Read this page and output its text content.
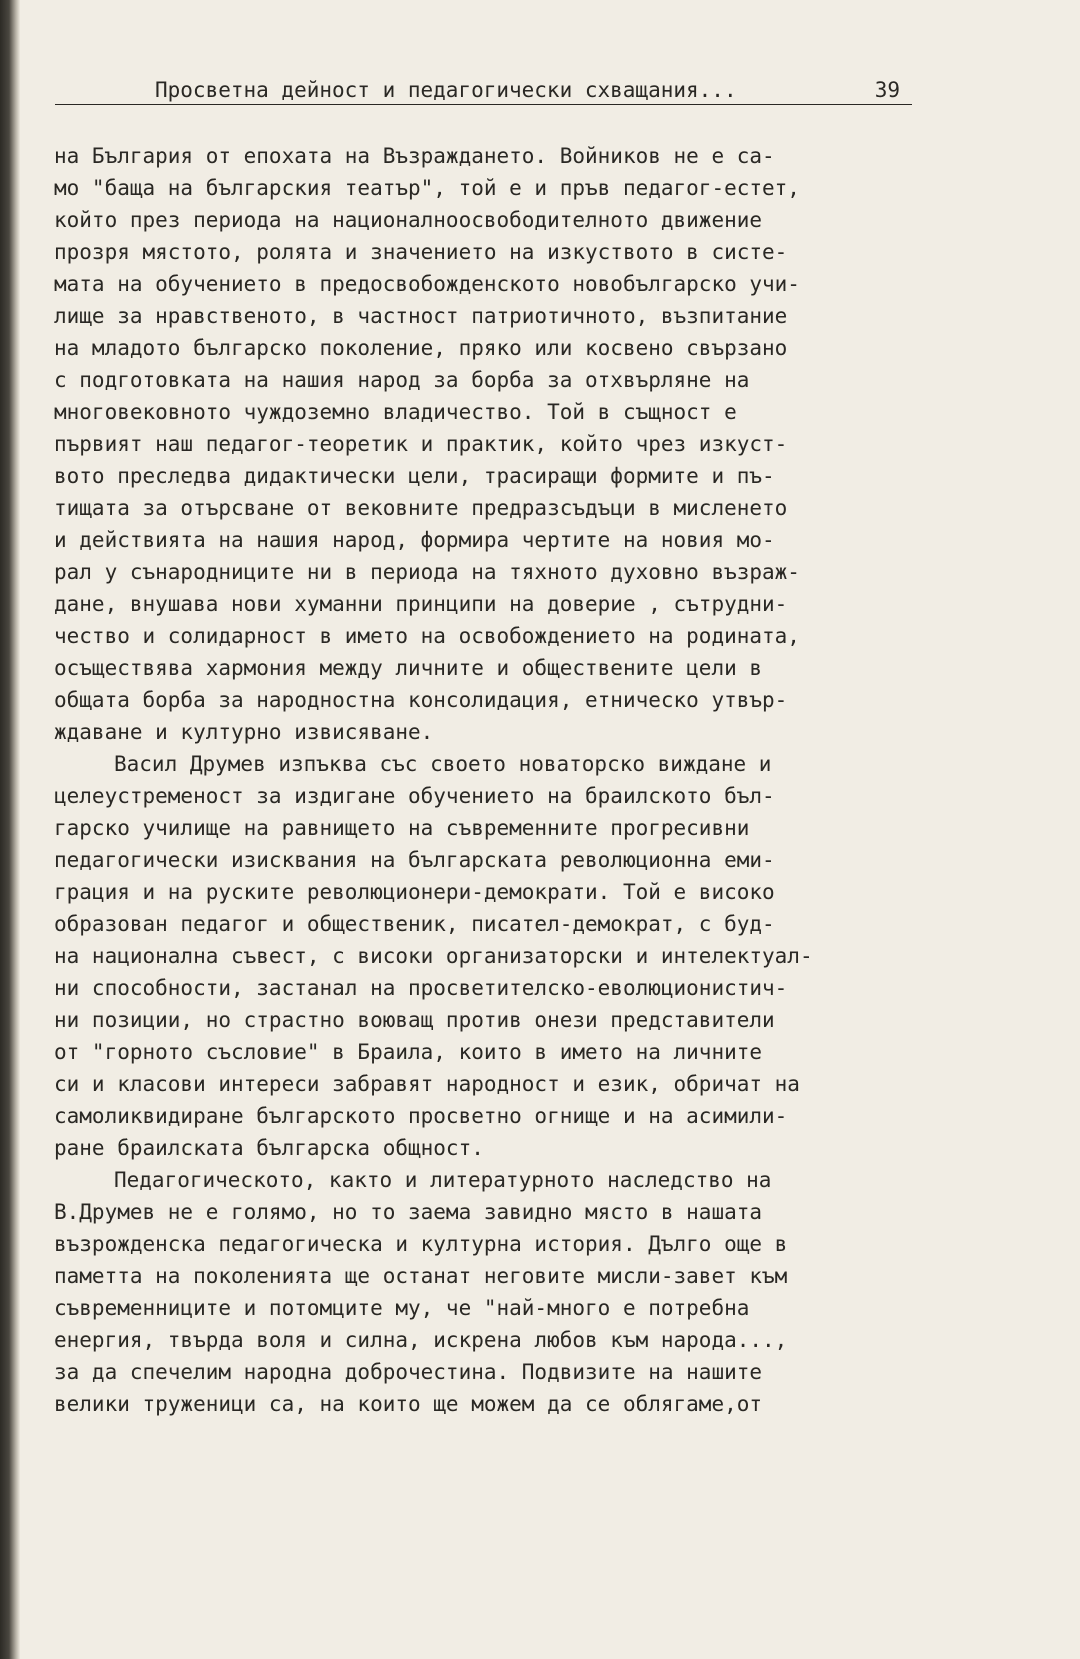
Просветна дейност и педагогически схващания...	39
на България от епохата на Възраждането. Войников не е са-
мо "баща на българския театър", той е и пръв педагог-естет,
който през периода на националноосвободителното движение
прозря мястото, ролята и значението на изкуството в систе-
мата на обучението в предосвобожденското новобългарско учи-
лище за нравственото, в частност патриотичното, възпитание
на младото българско поколение, пряко или косвено свързано
с подготовката на нашия народ за борба за отхвърляне на
многовековното чуждоземно владичество. Той в същност е
първият наш педагог-теоретик и практик, който чрез изкуст-
вото преследва дидактически цели, трасиращи формите и пъ-
тищата за отърсване от вековните предразсъдъци в мисленето
и действията на нашия народ, формира чертите на новия мо-
рал у сънародниците ни в периода на тяхното духовно възраж-
дане, внушава нови хуманни принципи на доверие , сътрудни-
чество и солидарност в името на освобождението на родината,
осъществява хармония между личните и обществените цели в
общата борба за народностна консолидация, етническо утвър-
ждаване и културно извисяване.
Васил Друмев изпъква със своето новаторско виждане и
целеустременост за издигане обучението на браилското бъл-
гарско училище на равнището на съвременните прогресивни
педагогически изисквания на българската революционна еми-
грация и на руските революционери-демократи. Той е високо
образован педагог и общественик, писател-демократ, с буд-
на национална съвест, с високи организаторски и интелектуал-
ни способности, застанал на просветителско-еволюционистич-
ни позиции, но страстно воюващ против онези представители
от "горното съсловие" в Браила, които в името на личните
си и класови интереси забравят народност и език, обричат на
самоликвидиране българското просветно огнище и на асимили-
ране браилската българска общност.
Педагогическото, както и литературното наследство на
В.Друмев не е голямо, но то заема завидно място в нашата
възрожденска педагогическа и културна история. Дълго още в
паметта на поколенията ще останат неговите мисли-завет към
съвременниците и потомците му, че "най-много е потребна
енергия, твърда воля и силна, искрена любов към народа...,
за да спечелим народна доброчестина. Подвизите на нашите
велики труженици са, на които ще можем да се облягаме,от
